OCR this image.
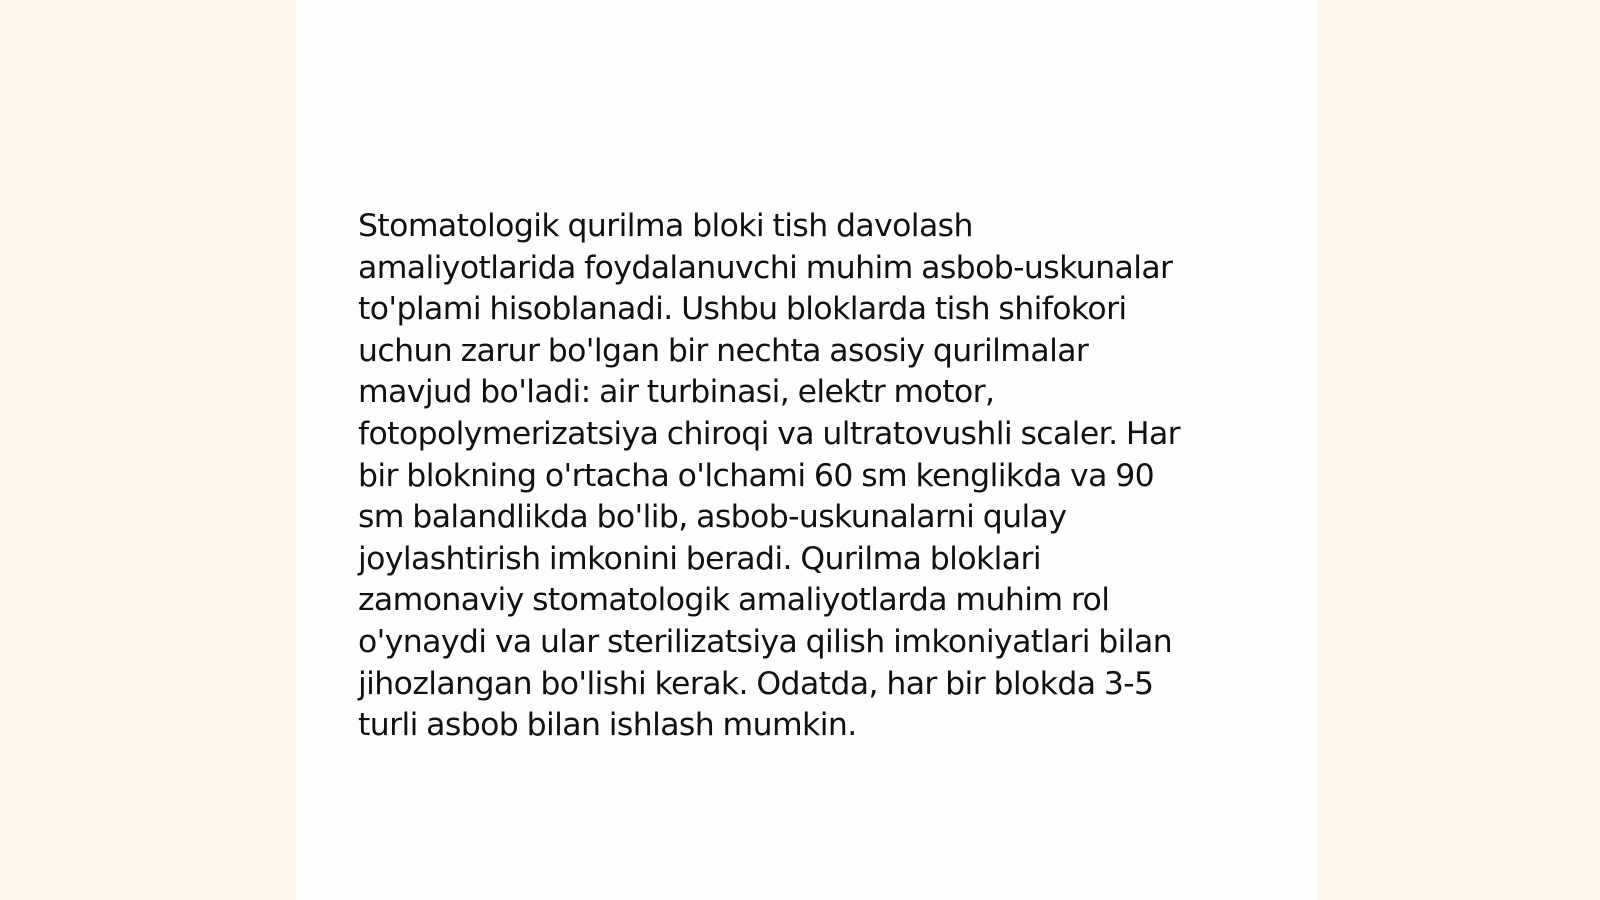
Stomatologik qurilma bloki tish davolash
amaliyotlarida foydalanuvchi muhim asbob-uskunalar
to'plami hisoblanadi. Ushbu bloklarda tish shifokori
uchun zarur bo'lgan bir nechta asosiy qurilmalar
mavjud bo'ladi: air turbinasi, elektr motor,
fotopolymerizatsiya chiroqi va ultratovushli scaler. Har
bir blokning o'rtacha o'lchami 60 sm kenglikda va 90
sm balandlikda bo'lib, asbob-uskunalarni qulay
joylashtirish imkonini beradi. Qurilma bloklari
zamonaviy stomatologik amaliyotlarda muhim rol
o'ynaydi va ular sterilizatsiya qilish imkoniyatlari bilan
jihozlangan bo'lishi kerak. Odatda, har bir blokda 3-5
turli asbob bilan ishlash mumkin.
